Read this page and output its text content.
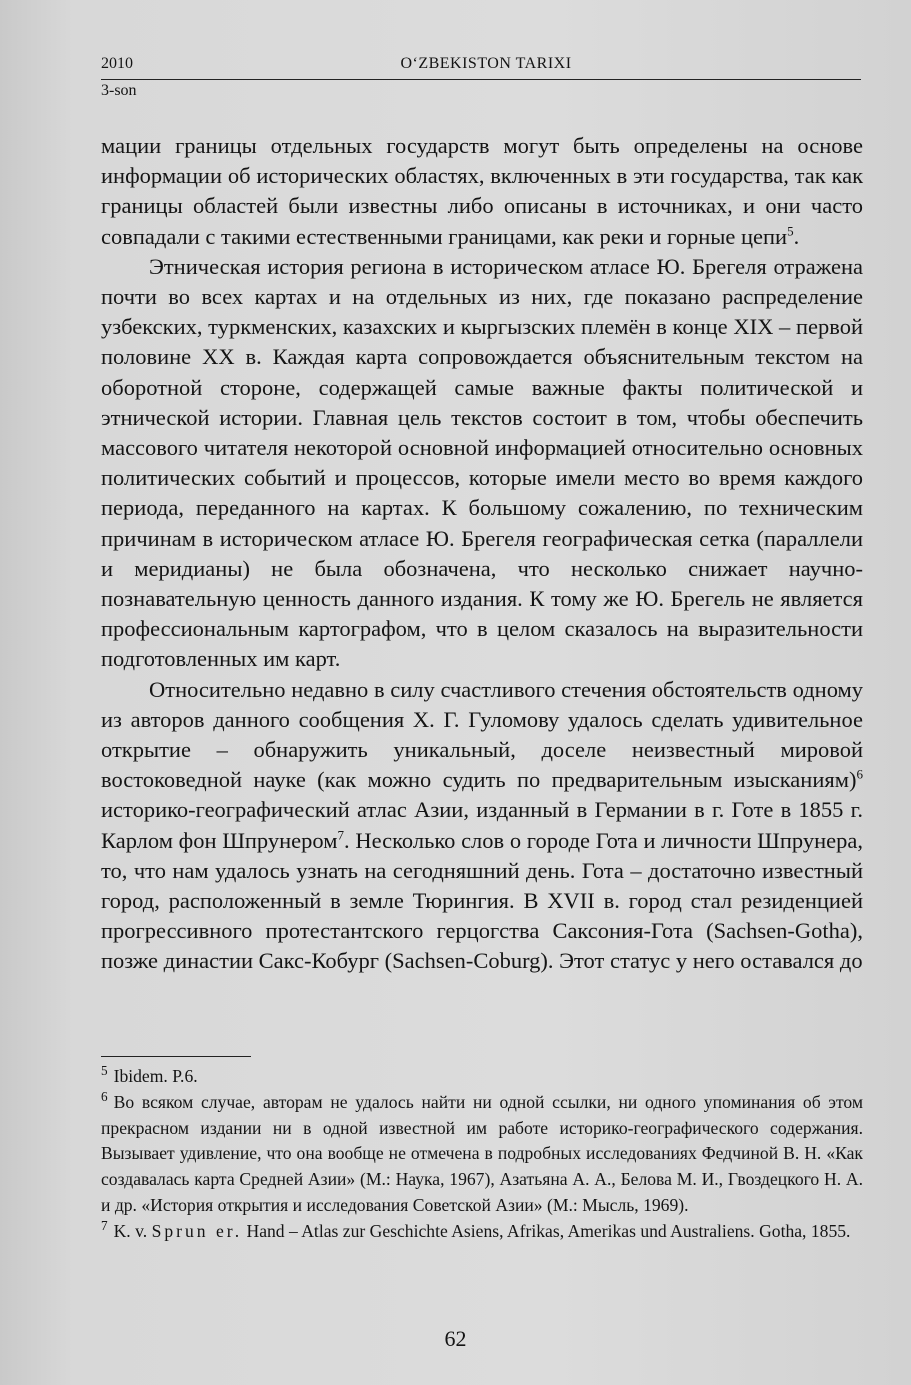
2010	O‘ZBEKISTON TARIXI
3-son

мации границы отдельных государств могут быть определены на основе информации об исторических областях, включенных в эти государства, так как границы областей были известны либо описаны в источниках, и они часто совпадали с такими естественными границами, как реки и горные цепи$^5$.

Этническая история региона в историческом атласе Ю. Брегеля отражена почти во всех картах и на отдельных из них, где показано распределение узбекских, туркменских, казахских и кыргызских племён в конце XIX – первой половине XX в. Каждая карта сопровождается объяснительным текстом на оборотной стороне, содержащей самые важные факты политической и этнической истории. Главная цель текстов состоит в том, чтобы обеспечить массового читателя некоторой основной информацией относительно основных политических событий и процессов, которые имели место во время каждого периода, переданного на картах. К большому сожалению, по техническим причинам в историческом атласе Ю. Брегеля географическая сетка (параллели и меридианы) не была обозначена, что несколько снижает научно-познавательную ценность данного издания. К тому же Ю. Брегель не является профессиональным картографом, что в целом сказалось на выразительности подготовленных им карт.

Относительно недавно в силу счастливого стечения обстоятельств одному из авторов данного сообщения Х. Г. Гуломову удалось сделать удивительное открытие – обнаружить уникальный, доселе неизвестный мировой востоковедной науке (как можно судить по предварительным изысканиям)$^6$ историко-географический атлас Азии, изданный в Германии в г. Готе в 1855 г. Карлом фон Шпрунером$^7$. Несколько слов о городе Гота и личности Шпрунера, то, что нам удалось узнать на сегодняшний день. Гота – достаточно известный город, расположенный в земле Тюрингия. В XVII в. город стал резиденцией прогрессивного протестантского герцогства Саксония-Гота (Sachsen-Gotha), позже династии Сакс-Кобург (Sachsen-Coburg). Этот статус у него оставался до

$^5$ Ibidem. P.6.

$^6$ Во всяком случае, авторам не удалось найти ни одной ссылки, ни одного упоминания об этом прекрасном издании ни в одной известной им работе историко-географического содержания. Вызывает удивление, что она вообще не отмечена в подробных исследованиях Федчиной В. Н. «Как создавалась карта Средней Азии» (М.: Наука, 1967), Азатьяна А. А., Белова М. И., Гвоздецкого Н. А. и др. «История открытия и исследования Советской Азии» (М.: Мысль, 1969).

$^7$ K. v. Sprun er. Hand – Atlas zur Geschichte Asiens, Afrikas, Amerikas und Australiens. Gotha, 1855.

62
